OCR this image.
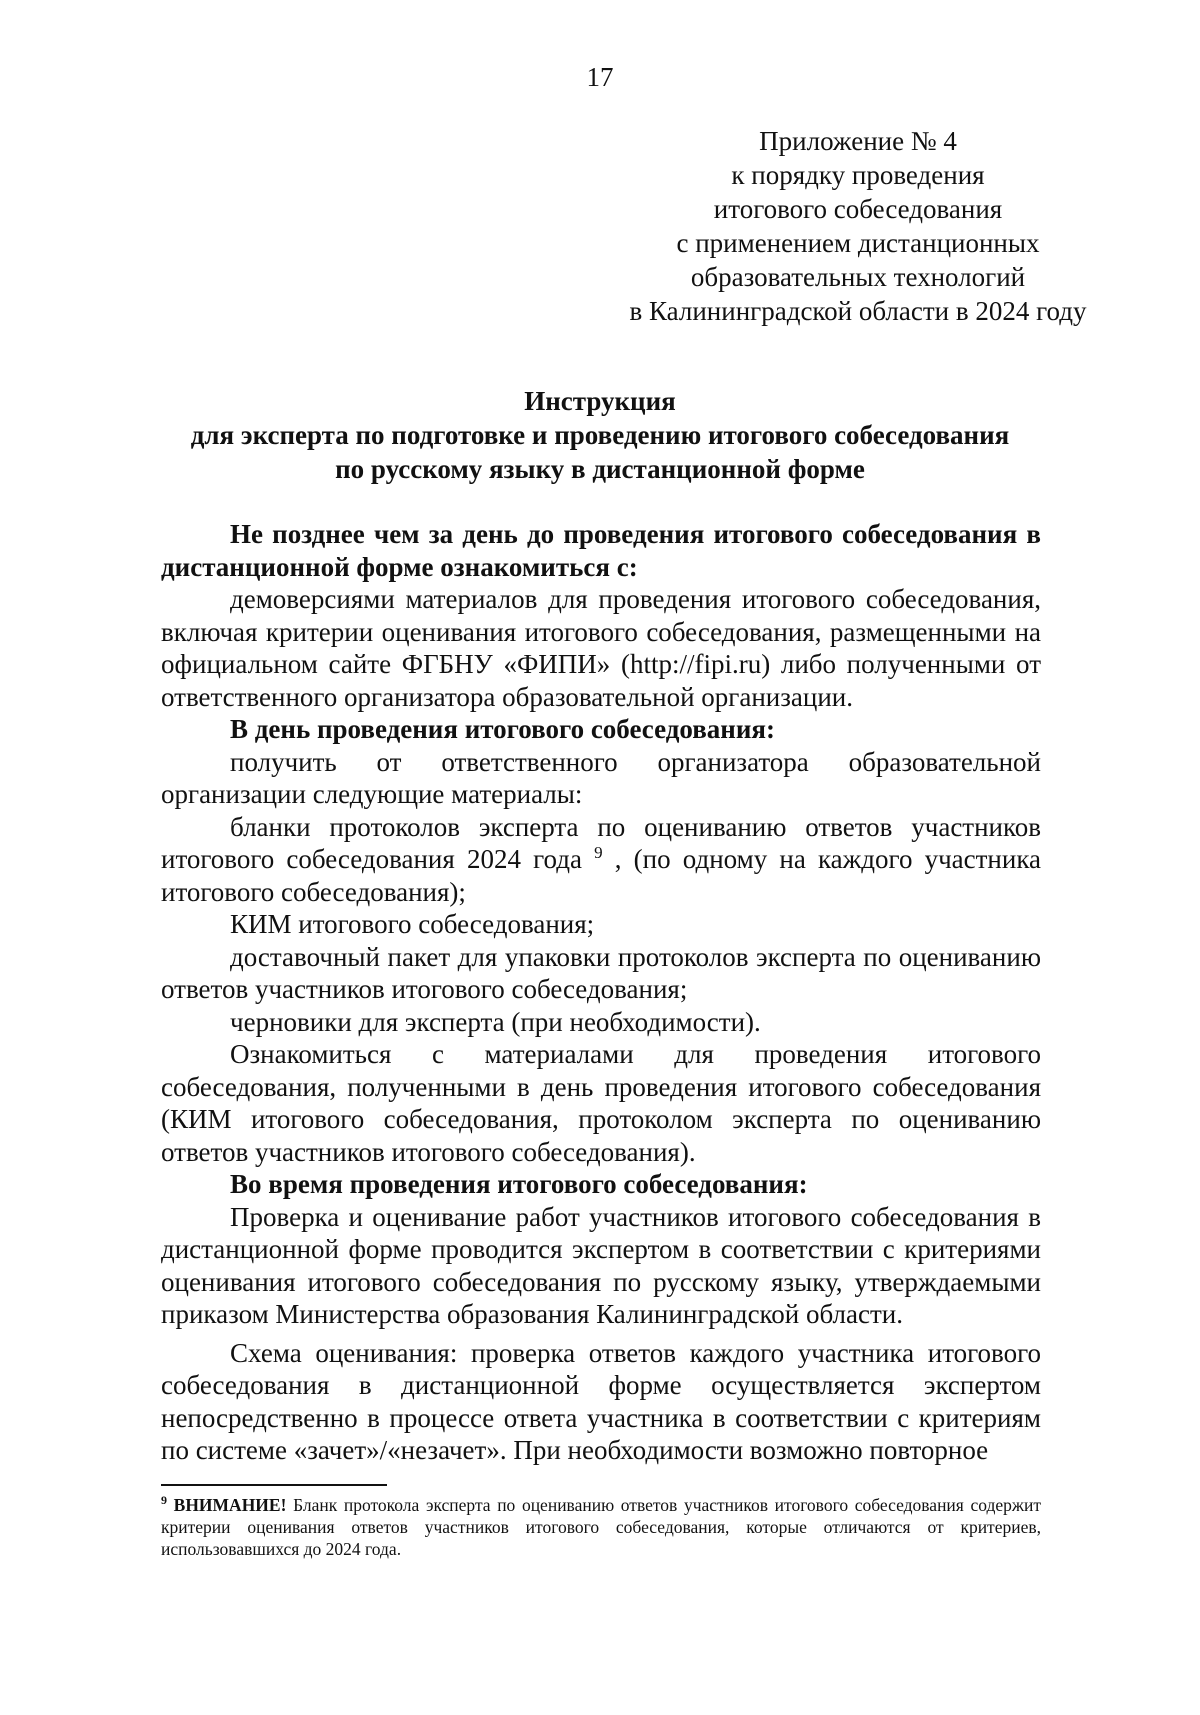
17
Приложение № 4
к порядку проведения
итогового собеседования
с применением дистанционных
образовательных технологий
в Калининградской области в 2024 году
Инструкция
для эксперта по подготовке и проведению итогового собеседования
по русскому языку в дистанционной форме

Не позднее чем за день до проведения итогового собеседования в дистанционной форме ознакомиться с:

демоверсиями материалов для проведения итогового собеседования, включая критерии оценивания итогового собеседования, размещенными на официальном сайте ФГБНУ «ФИПИ» (http://fipi.ru) либо полученными от ответственного организатора образовательной организации.

В день проведения итогового собеседования:

получить от ответственного организатора образовательной организации следующие материалы:

бланки протоколов эксперта по оцениванию ответов участников итогового собеседования 2024 года $^9$ , (по одному на каждого участника итогового собеседования);

КИМ итогового собеседования;

доставочный пакет для упаковки протоколов эксперта по оцениванию ответов участников итогового собеседования;

черновики для эксперта (при необходимости).

Ознакомиться с материалами для проведения итогового собеседования, полученными в день проведения итогового собеседования (КИМ итогового собеседования, протоколом эксперта по оцениванию ответов участников итогового собеседования).

Во время проведения итогового собеседования:

Проверка и оценивание работ участников итогового собеседования в дистанционной форме проводится экспертом в соответствии с критериями оценивания итогового собеседования по русскому языку, утверждаемыми приказом Министерства образования Калининградской области.

Схема оценивания: проверка ответов каждого участника итогового собеседования в дистанционной форме осуществляется экспертом непосредственно в процессе ответа участника в соответствии с критериям по системе «зачет»/«незачет». При необходимости возможно повторное

$^9$ ВНИМАНИЕ! Бланк протокола эксперта по оцениванию ответов участников итогового собеседования содержит критерии оценивания ответов участников итогового собеседования, которые отличаются от критериев, использовавшихся до 2024 года.
